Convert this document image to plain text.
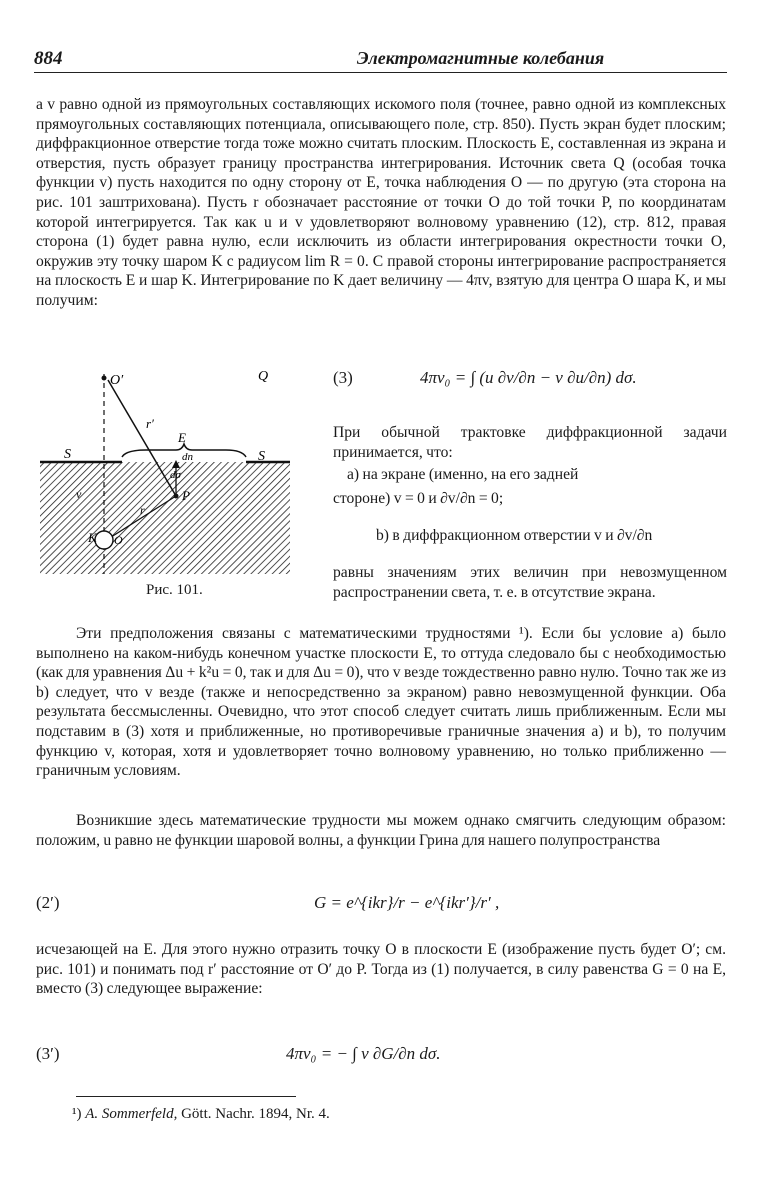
884	Электромагнитные колебания

а v равно одной из прямоугольных составляющих искомого поля (точнее, равно одной из комплексных прямоугольных составляющих потенциала, описывающего поле, стр. 850). Пусть экран будет плоским; диффракционное отверстие тогда тоже можно считать плоским. Плоскость E, составленная из экрана и отверстия, пусть образует границу пространства интегрирования. Источник света Q (особая точка функции v) пусть находится по одну сторону от E, точка наблюдения O — по другую (эта сторона на рис. 101 заштрихована). Пусть r обозначает расстояние от точки O до той точки P, по координатам которой интегрируется. Так как u и v удовлетворяют волновому уравнению (12), стр. 812, правая сторона (1) будет равна нулю, если исключить из области интегрирования окрестности точки O, окружив эту точку шаром K с радиусом lim R = 0. С правой стороны интегрирование распространяется на плоскость E и шар K. Интегрирование по K дает величину — 4πv, взятую для центра O шара K, и мы получим:

O′	Q
S	S
E
r′
dn
dσ
P
r
ν
K O
Рис. 101.
(3)	4πv₀ = ∫ (u ∂v/∂n − v ∂u/∂n) dσ.

При обычной трактовке диффракционной задачи принимается, что:

a) на экране (именно, на его задней

стороне) v = 0 и ∂v/∂n = 0;

b) в диффракционном отверстии v и ∂v/∂n

равны значениям этих величин при невозмущенном распространении света, т. е. в отсутствие экрана.

Эти предположения связаны с математическими трудностями ¹). Если бы условие a) было выполнено на каком-нибудь конечном участке плоскости E, то оттуда следовало бы с необходимостью (как для уравнения Δu + k²u = 0, так и для Δu = 0), что v везде тождественно равно нулю. Точно так же из b) следует, что v везде (также и непосредственно за экраном) равно невозмущенной функции. Оба результата бессмысленны. Очевидно, что этот способ следует считать лишь приближенным. Если мы подставим в (3) хотя и приближенные, но противоречивые граничные значения a) и b), то получим функцию v, которая, хотя и удовлетворяет точно волновому уравнению, но только приближенно — граничным условиям.

Возникшие здесь математические трудности мы можем однако смягчить следующим образом: положим, u равно не функции шаровой волны, а функции Грина для нашего полупространства

(2′)	G = e^{ikr}/r − e^{ikr′}/r′ ,

исчезающей на E. Для этого нужно отразить точку O в плоскости E (изображение пусть будет O′; см. рис. 101) и понимать под r′ расстояние от O′ до P. Тогда из (1) получается, в силу равенства G = 0 на E, вместо (3) следующее выражение:

(3′)	4πv₀ = − ∫ v ∂G/∂n dσ.
¹) A. Sommerfeld, Gött. Nachr. 1894, Nr. 4.
